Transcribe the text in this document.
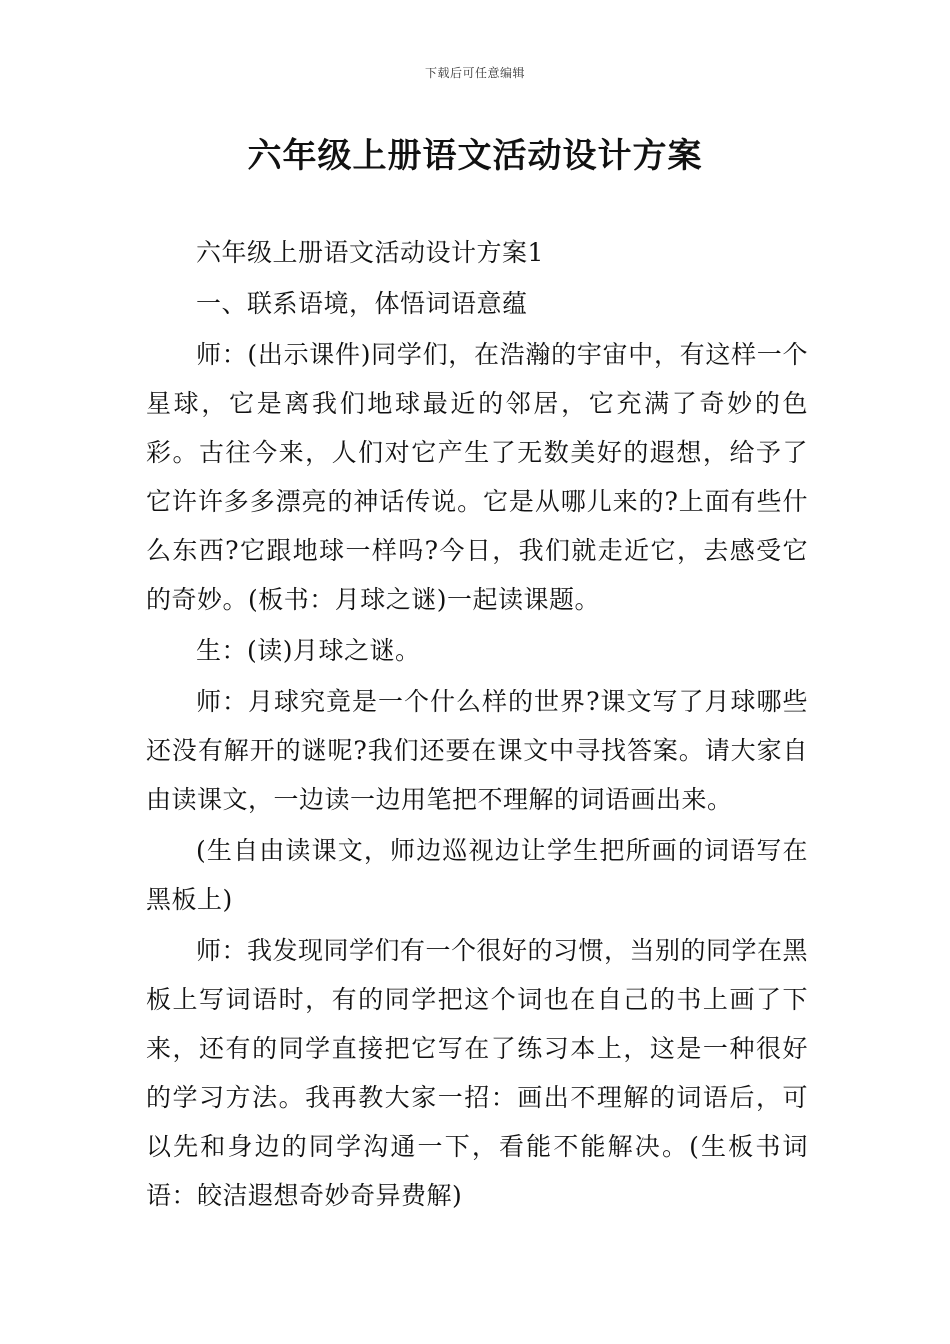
下载后可任意编辑
六年级上册语文活动设计方案

六年级上册语文活动设计方案1

一、联系语境，体悟词语意蕴

师：(出示课件)同学们，在浩瀚的宇宙中，有这样一个星球，它是离我们地球最近的邻居，它充满了奇妙的色彩。古往今来，人们对它产生了无数美好的遐想，给予了它许许多多漂亮的神话传说。它是从哪儿来的?上面有些什么东西?它跟地球一样吗?今日，我们就走近它，去感受它的奇妙。(板书：月球之谜)一起读课题。

生：(读)月球之谜。

师：月球究竟是一个什么样的世界?课文写了月球哪些还没有解开的谜呢?我们还要在课文中寻找答案。请大家自由读课文，一边读一边用笔把不理解的词语画出来。

(生自由读课文，师边巡视边让学生把所画的词语写在黑板上)

师：我发现同学们有一个很好的习惯，当别的同学在黑板上写词语时，有的同学把这个词也在自己的书上画了下来，还有的同学直接把它写在了练习本上，这是一种很好的学习方法。我再教大家一招：画出不理解的词语后，可以先和身边的同学沟通一下，看能不能解决。(生板书词语：皎洁遐想奇妙奇异费解)
